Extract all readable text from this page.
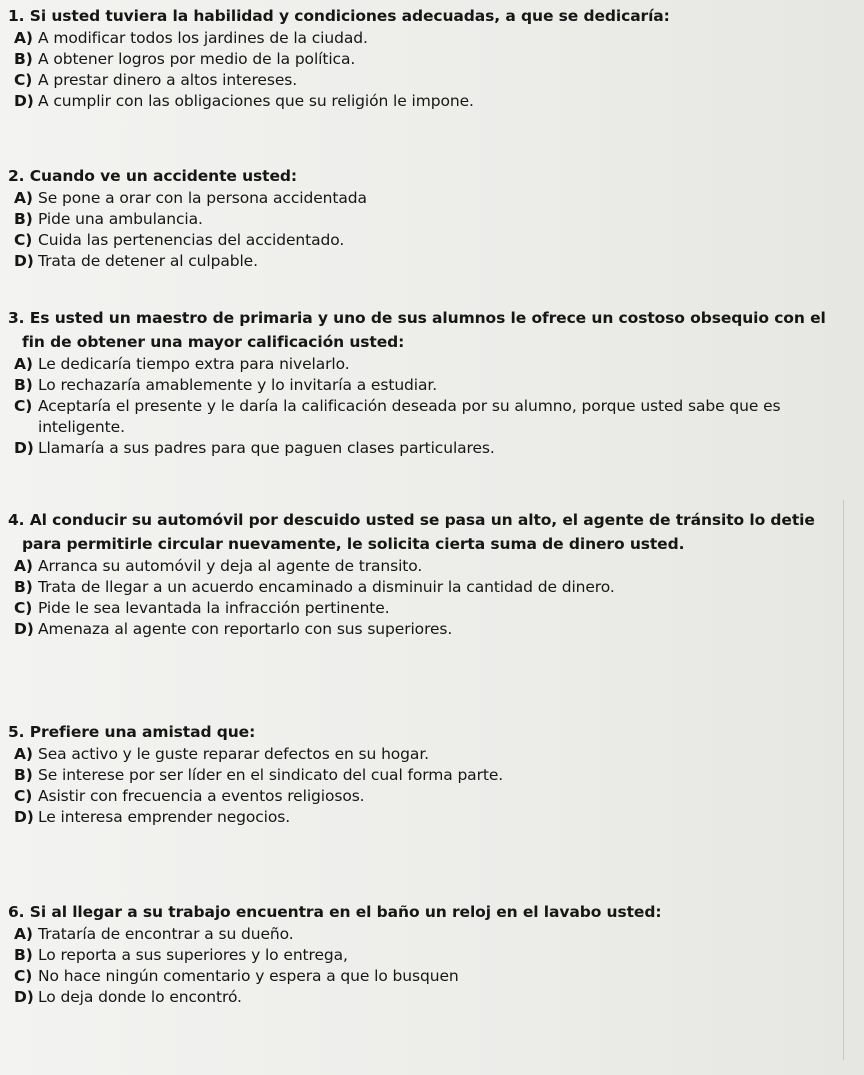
1. Si usted tuviera la habilidad y condiciones adecuadas, a que se dedicaría:

A) A modificar todos los jardines de la ciudad.

B) A obtener logros por medio de la política.

C) A prestar dinero a altos intereses.

D) A cumplir con las obligaciones que su religión le impone.

2. Cuando ve un accidente usted:

A) Se pone a orar con la persona accidentada

B) Pide una ambulancia.

C) Cuida las pertenencias del accidentado.

D) Trata de detener al culpable.

3. Es usted un maestro de primaria y uno de sus alumnos le ofrece un costoso obsequio con el fin de obtener una mayor calificación usted:

A) Le dedicaría tiempo extra para nivelarlo.

B) Lo rechazaría amablemente y lo invitaría a estudiar.

C) Aceptaría el presente y le daría la calificación deseada por su alumno, porque usted sabe que es inteligente.

D) Llamaría a sus padres para que paguen clases particulares.

4. Al conducir su automóvil por descuido usted se pasa un alto, el agente de tránsito lo detie para permitirle circular nuevamente, le solicita cierta suma de dinero usted.

A) Arranca su automóvil y deja al agente de transito.

B) Trata de llegar a un acuerdo encaminado a disminuir la cantidad de dinero.

C) Pide le sea levantada la infracción pertinente.

D) Amenaza al agente con reportarlo con sus superiores.

5. Prefiere una amistad que:

A) Sea activo y le guste reparar defectos en su hogar.

B) Se interese por ser líder en el sindicato del cual forma parte.

C) Asistir con frecuencia a eventos religiosos.

D) Le interesa emprender negocios.

6. Si al llegar a su trabajo encuentra en el baño un reloj en el lavabo usted:

A) Trataría de encontrar a su dueño.

B) Lo reporta a sus superiores y lo entrega,

C) No hace ningún comentario y espera a que lo busquen

D) Lo deja donde lo encontró.
